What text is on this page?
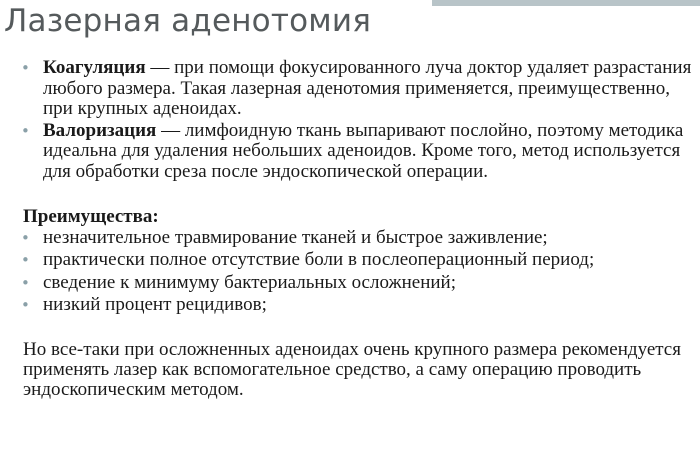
Лазерная аденотомия
• Коагуляция — при помощи фокусированного луча доктор удаляет разрастания любого размера. Такая лазерная аденотомия применяется, преимущественно, при крупных аденоидах.
• Валоризация — лимфоидную ткань выпаривают послойно, поэтому методика идеальна для удаления небольших аденоидов. Кроме того, метод используется для обработки среза после эндоскопической операции.
Преимущества:
• незначительное травмирование тканей и быстрое заживление;
• практически полное отсутствие боли в послеоперационный период;
• сведение к минимуму бактериальных осложнений;
• низкий процент рецидивов;
Но все-таки при осложненных аденоидах очень крупного размера рекомендуется применять лазер как вспомогательное средство, а саму операцию проводить эндоскопическим методом.
